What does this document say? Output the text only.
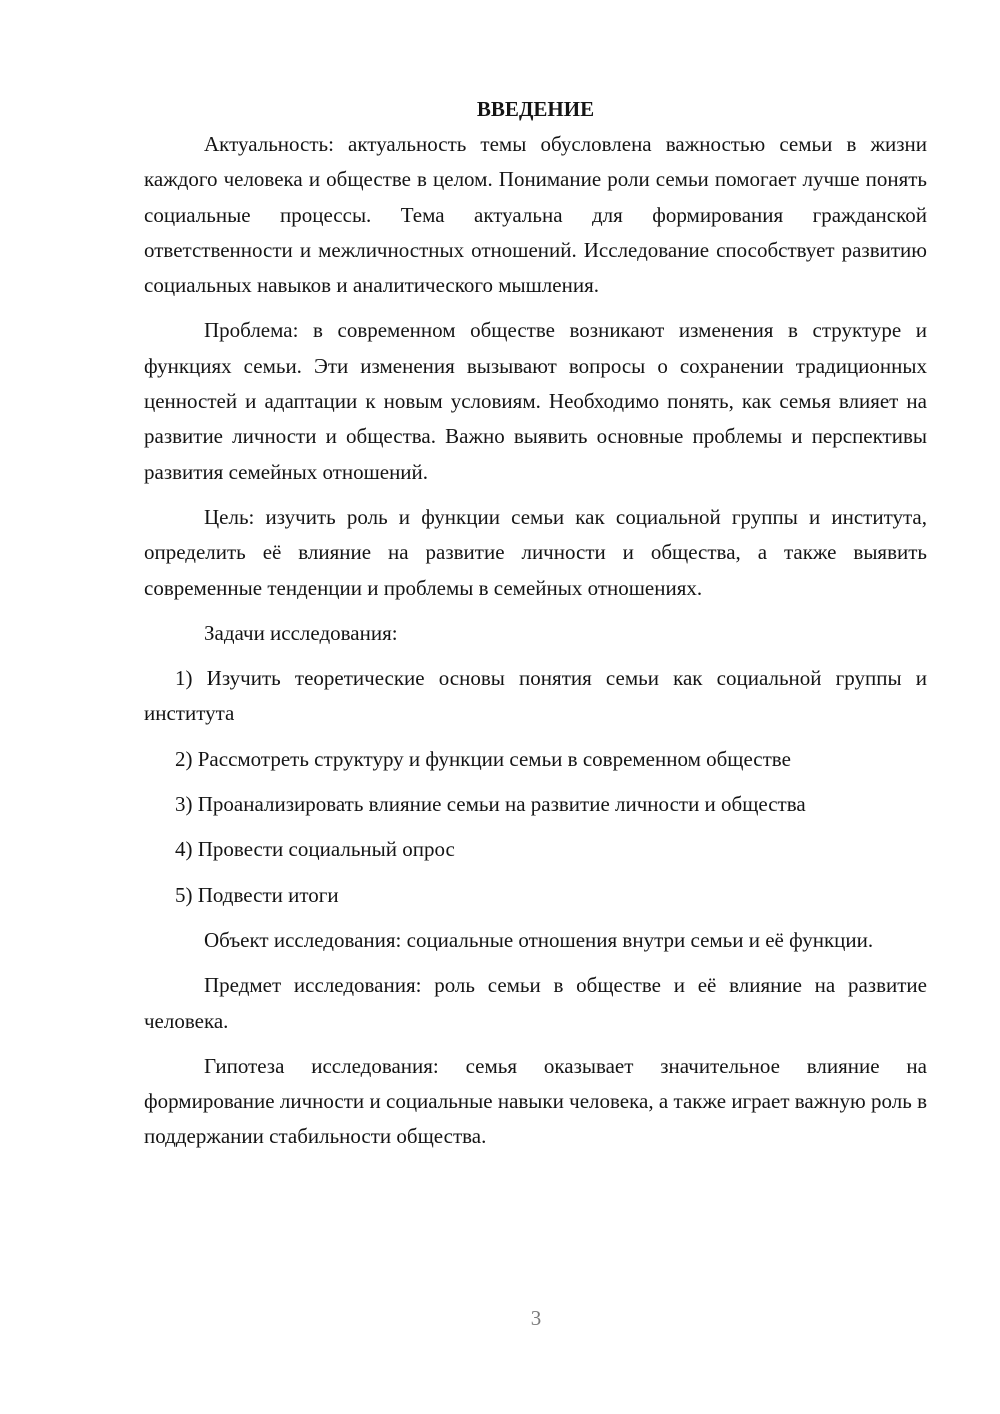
ВВЕДЕНИЕ

Актуальность: актуальность темы обусловлена важностью семьи в жизни каждого человека и обществе в целом. Понимание роли семьи помогает лучше понять социальные процессы. Тема актуальна для формирования гражданской ответственности и межличностных отношений. Исследование способствует развитию социальных навыков и аналитического мышления.

Проблема: в современном обществе возникают изменения в структуре и функциях семьи. Эти изменения вызывают вопросы о сохранении традиционных ценностей и адаптации к новым условиям. Необходимо понять, как семья влияет на развитие личности и общества. Важно выявить основные проблемы и перспективы развития семейных отношений.

Цель: изучить роль и функции семьи как социальной группы и института, определить её влияние на развитие личности и общества, а также выявить современные тенденции и проблемы в семейных отношениях.

Задачи исследования:

1) Изучить теоретические основы понятия семьи как социальной группы и института

2) Рассмотреть структуру и функции семьи в современном обществе

3) Проанализировать влияние семьи на развитие личности и общества

4) Провести социальный опрос

5) Подвести итоги

Объект исследования: социальные отношения внутри семьи и её функции.

Предмет исследования: роль семьи в обществе и её влияние на развитие человека.

Гипотеза исследования: семья оказывает значительное влияние на формирование личности и социальные навыки человека, а также играет важную роль в поддержании стабильности общества.

3
